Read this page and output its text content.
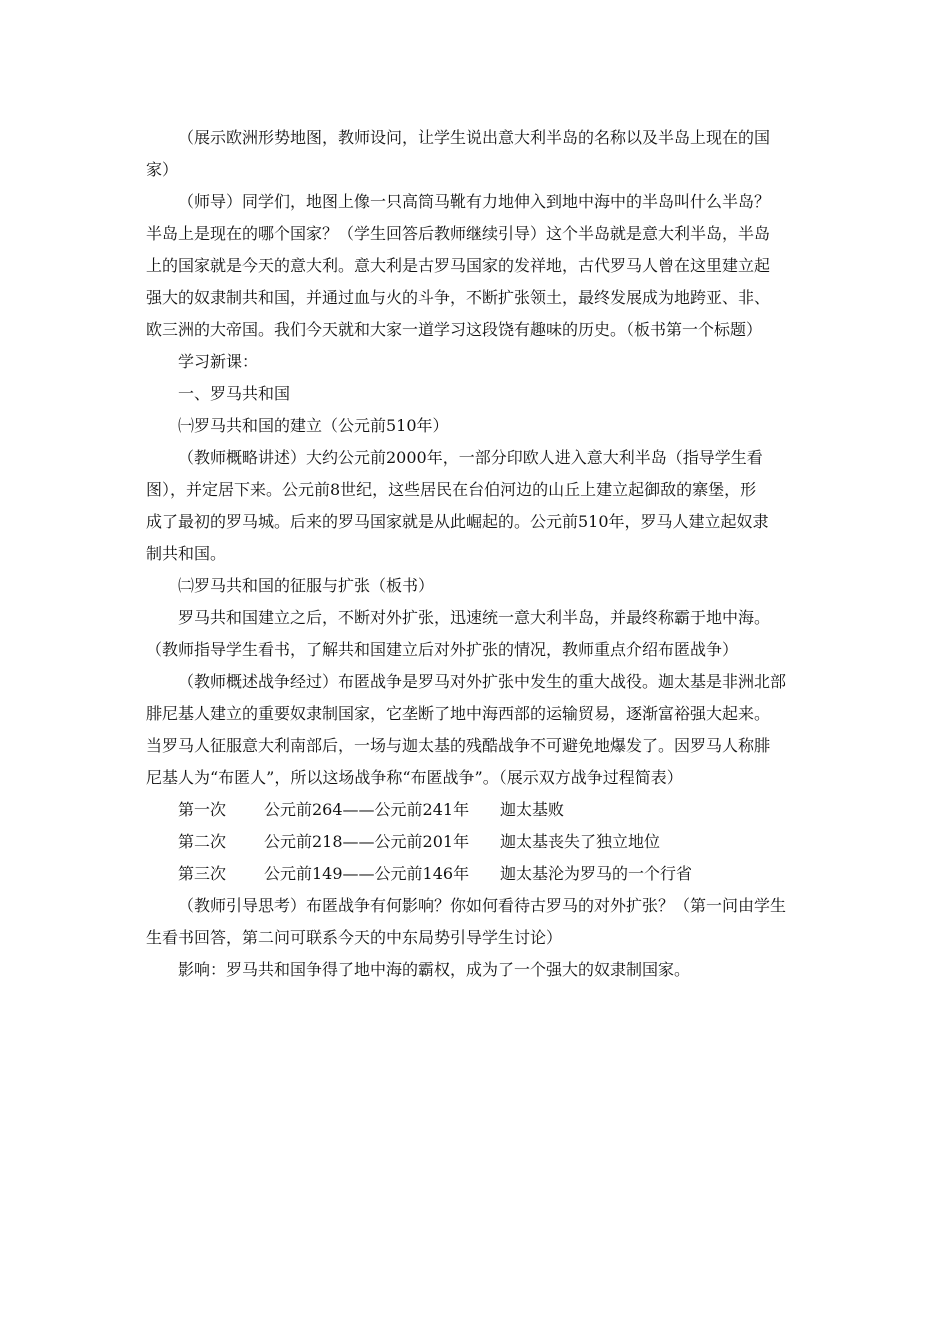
（展示欧洲形势地图，教师设问，让学生说出意大利半岛的名称以及半岛上现在的国
家）
（师导）同学们，地图上像一只高筒马靴有力地伸入到地中海中的半岛叫什么半岛？
半岛上是现在的哪个国家？（学生回答后教师继续引导）这个半岛就是意大利半岛，半岛
上的国家就是今天的意大利。意大利是古罗马国家的发祥地，古代罗马人曾在这里建立起
强大的奴隶制共和国，并通过血与火的斗争，不断扩张领土，最终发展成为地跨亚、非、
欧三洲的大帝国。我们今天就和大家一道学习这段饶有趣味的历史。（板书第一个标题）
学习新课：
一、罗马共和国
㈠罗马共和国的建立（公元前510年）
（教师概略讲述）大约公元前2000年，一部分印欧人进入意大利半岛（指导学生看
图），并定居下来。公元前8世纪，这些居民在台伯河边的山丘上建立起御敌的寨堡，形
成了最初的罗马城。后来的罗马国家就是从此崛起的。公元前510年，罗马人建立起奴隶
制共和国。
㈡罗马共和国的征服与扩张（板书）
罗马共和国建立之后，不断对外扩张，迅速统一意大利半岛，并最终称霸于地中海。
（教师指导学生看书，了解共和国建立后对外扩张的情况，教师重点介绍布匿战争）
（教师概述战争经过）布匿战争是罗马对外扩张中发生的重大战役。迦太基是非洲北部
腓尼基人建立的重要奴隶制国家，它垄断了地中海西部的运输贸易，逐渐富裕强大起来。
当罗马人征服意大利南部后，一场与迦太基的残酷战争不可避免地爆发了。因罗马人称腓
尼基人为“布匿人”，所以这场战争称“布匿战争”。（展示双方战争过程简表）
第一次	公元前264——公元前241年	迦太基败
第二次	公元前218——公元前201年	迦太基丧失了独立地位
第三次	公元前149——公元前146年	迦太基沦为罗马的一个行省
（教师引导思考）布匿战争有何影响？你如何看待古罗马的对外扩张？（第一问由学生
生看书回答，第二问可联系今天的中东局势引导学生讨论）
影响：罗马共和国争得了地中海的霸权，成为了一个强大的奴隶制国家。
